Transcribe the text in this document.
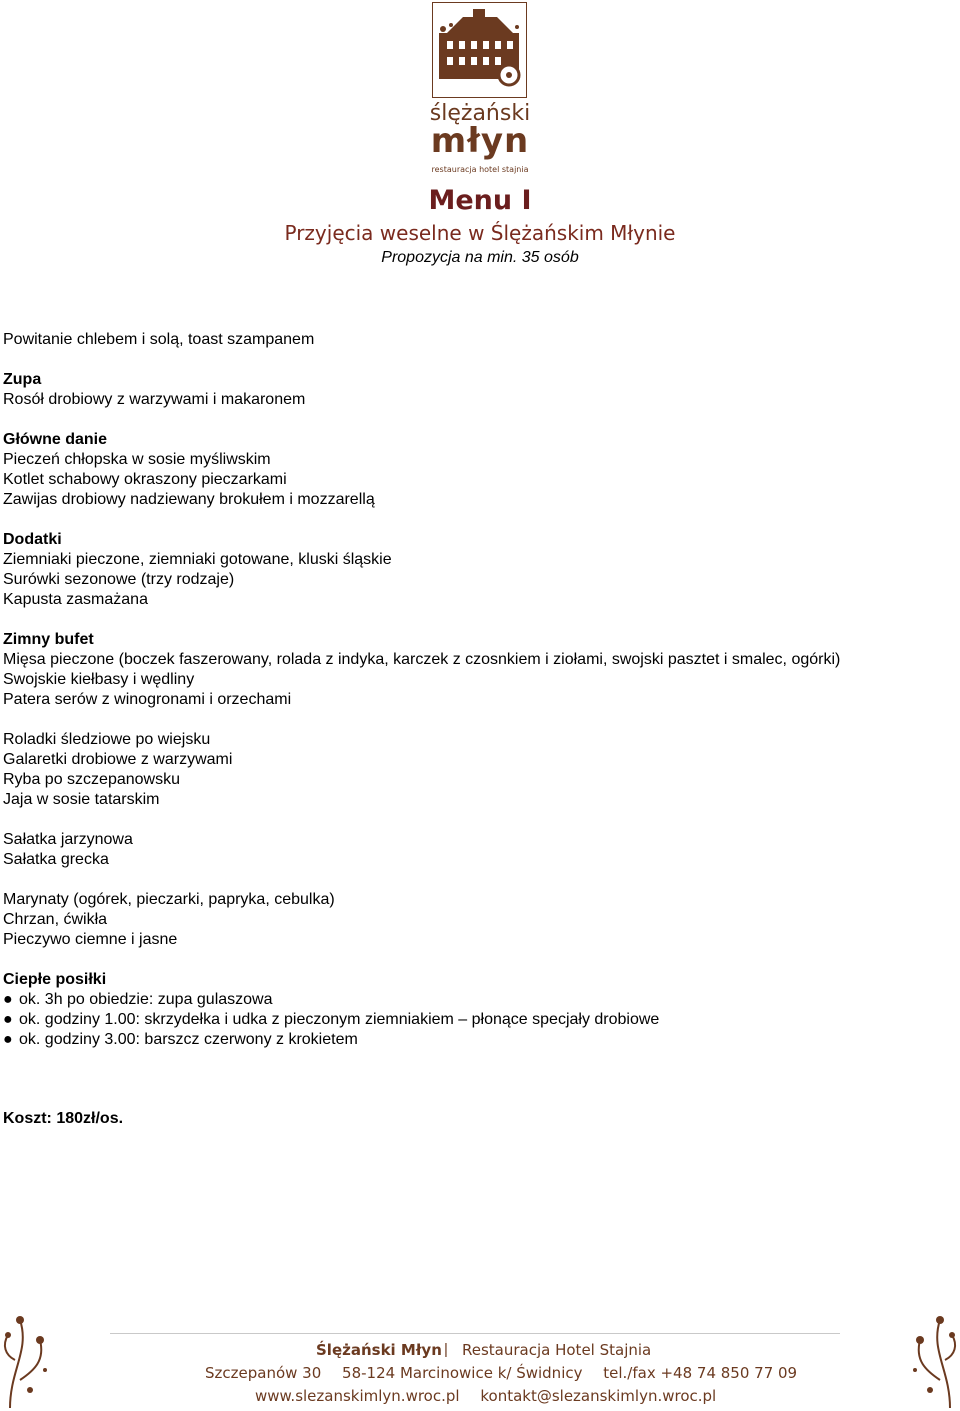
ślężański
młyn
restauracja hotel stajnia
Menu I
Przyjęcia weselne w Ślężańskim Młynie
Propozycja na min. 35 osób
Powitanie chlebem i solą, toast szampanem
Zupa
Rosół drobiowy z warzywami i makaronem
Główne danie
Pieczeń chłopska w sosie myśliwskim
Kotlet schabowy okraszony pieczarkami
Zawijas drobiowy nadziewany brokułem i mozzarellą
Dodatki
Ziemniaki pieczone, ziemniaki gotowane, kluski śląskie
Surówki sezonowe (trzy rodzaje)
Kapusta zasmażana
Zimny bufet
Mięsa pieczone (boczek faszerowany, rolada z indyka, karczek z czosnkiem i ziołami, swojski pasztet i smalec, ogórki)
Swojskie kiełbasy i wędliny
Patera serów z winogronami i orzechami
Roladki śledziowe po wiejsku
Galaretki drobiowe z warzywami
Ryba po szczepanowsku
Jaja w sosie tatarskim
Sałatka jarzynowa
Sałatka grecka
Marynaty (ogórek, pieczarki, papryka, cebulka)
Chrzan, ćwikła
Pieczywo ciemne i jasne
Ciepłe posiłki
● ok. 3h po obiedzie: zupa gulaszowa
● ok. godziny 1.00: skrzydełka i udka z pieczonym ziemniakiem – płonące specjały drobiowe
● ok. godziny 3.00: barszcz czerwony z krokietem
Koszt: 180zł/os.
Ślężański Młyn | Restauracja Hotel Stajnia
Szczepanów 30 58-124 Marcinowice k/ Świdnicy tel./fax +48 74 850 77 09
www.slezanskimlyn.wroc.pl kontakt@slezanskimlyn.wroc.pl
